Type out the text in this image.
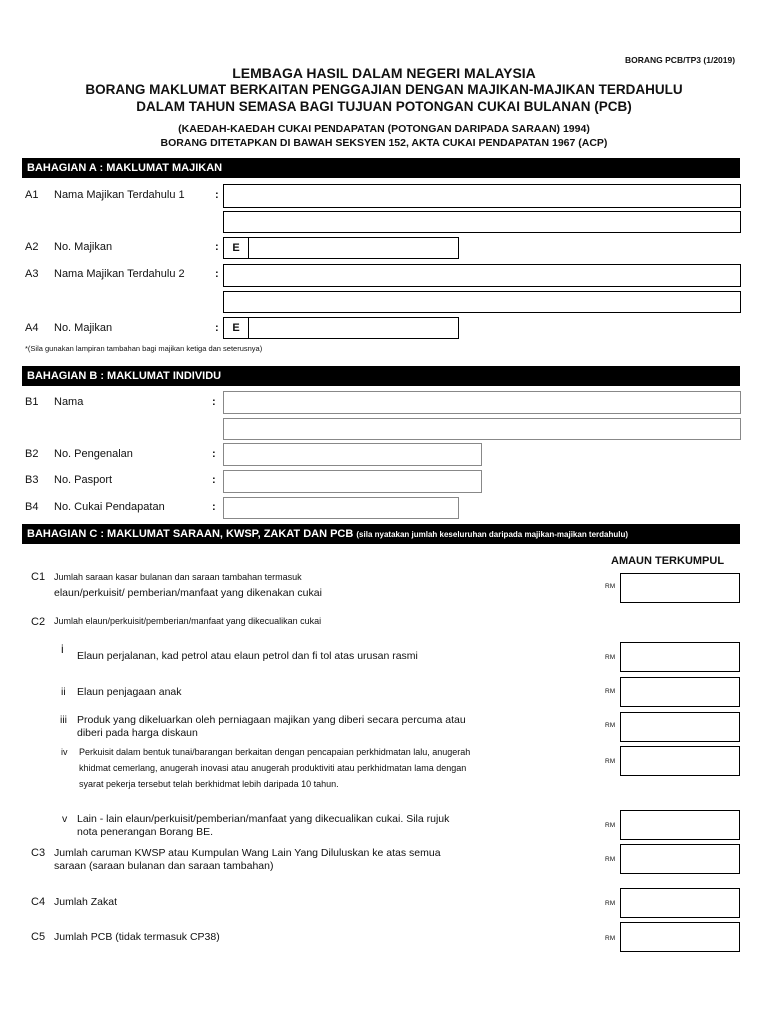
BORANG PCB/TP3 (1/2019)
LEMBAGA HASIL DALAM NEGERI MALAYSIA
BORANG MAKLUMAT BERKAITAN PENGGAJIAN DENGAN MAJIKAN-MAJIKAN TERDAHULU
DALAM TAHUN SEMASA BAGI TUJUAN POTONGAN CUKAI BULANAN (PCB)
(KAEDAH-KAEDAH CUKAI PENDAPATAN (POTONGAN DARIPADA SARAAN) 1994)
BORANG DITETAPKAN DI BAWAH SEKSYEN 152, AKTA CUKAI PENDAPATAN 1967 (ACP)
BAHAGIAN A : MAKLUMAT MAJIKAN
A1 Nama Majikan Terdahulu 1	:
A2 No. Majikan	:	E
A3 Nama Majikan Terdahulu 2	:
A4 No. Majikan	:	E
*(Sila gunakan lampiran tambahan bagi majikan ketiga dan seterusnya)
BAHAGIAN B : MAKLUMAT INDIVIDU
B1 Nama	:
B2 No. Pengenalan	:
B3 No. Pasport	:
B4 No. Cukai Pendapatan	:
BAHAGIAN C : MAKLUMAT SARAAN, KWSP, ZAKAT DAN PCB (sila nyatakan jumlah keseluruhan daripada majikan-majikan terdahulu)
AMAUN TERKUMPUL
C1 Jumlah saraan kasar bulanan dan saraan tambahan termasuk
elaun/perkuisit/ pemberian/manfaat yang dikenakan cukai
RM
C2 Jumlah elaun/perkuisit/pemberian/manfaat yang dikecualikan cukai
i Elaun perjalanan, kad petrol atau elaun petrol dan fi tol atas urusan rasmi	RM
ii Elaun penjagaan anak	RM
iii Produk yang dikeluarkan oleh perniagaan majikan yang diberi secara percuma atau
diberi pada harga diskaun
RM
iv Perkuisit dalam bentuk tunai/barangan berkaitan dengan pencapaian perkhidmatan lalu, anugerah
khidmat cemerlang, anugerah inovasi atau anugerah produktiviti atau perkhidmatan lama dengan
syarat pekerja tersebut telah berkhidmat lebih daripada 10 tahun.
RM
v Lain - lain elaun/perkuisit/pemberian/manfaat yang dikecualikan cukai. Sila rujuk
nota penerangan Borang BE.
RM
C3 Jumlah caruman KWSP atau Kumpulan Wang Lain Yang Diluluskan ke atas semua
saraan (saraan bulanan dan saraan tambahan)
RM
C4 Jumlah Zakat	RM
C5 Jumlah PCB (tidak termasuk CP38)	RM
